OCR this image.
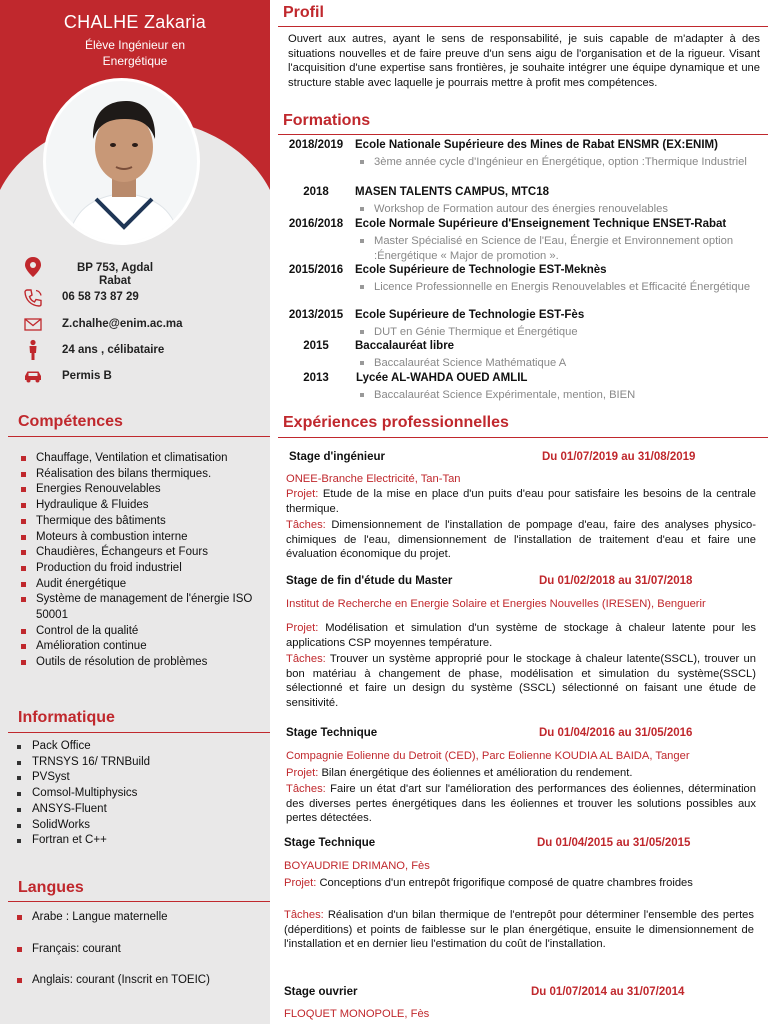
CHALHE Zakaria
Élève Ingénieur en Energétique
BP 753, Agdal Rabat
06 58 73 87 29
Z.chalhe@enim.ac.ma
24 ans , célibataire
Permis B
Compétences
Chauffage, Ventilation et climatisation
Réalisation des bilans thermiques.
Energies Renouvelables
Hydraulique & Fluides
Thermique des bâtiments
Moteurs à combustion interne
Chaudières, Échangeurs et Fours
Production du froid industriel
Audit énergétique
Système de management de l'énergie ISO 50001
Control de la qualité
Amélioration continue
Outils de résolution de problèmes
Informatique
Pack Office
TRNSYS 16/ TRNBuild
PVSyst
Comsol-Multiphysics
ANSYS-Fluent
SolidWorks
Fortran et C++
Langues
Arabe : Langue maternelle
Français: courant
Anglais: courant (Inscrit en TOEIC)
Profil
Ouvert aux autres, ayant le sens de responsabilité, je suis capable de m'adapter à des situations nouvelles et de faire preuve d'un sens aigu de l'organisation et de la rigueur. Visant l'acquisition d'une expertise sans frontières, je souhaite intégrer une équipe dynamique et une structure stable avec laquelle je pourrais mettre à profit mes compétences.
Formations
2018/2019	Ecole Nationale Supérieure des Mines de Rabat ENSMR (EX:ENIM)
3ème année cycle d'Ingénieur en Énergétique, option :Thermique Industriel
2018	MASEN TALENTS CAMPUS, MTC18
Workshop de Formation autour des énergies renouvelables
2016/2018	Ecole Normale Supérieure d'Enseignement Technique ENSET-Rabat
Master Spécialisé en Science de l'Eau, Énergie et Environnement option :Énergétique « Major de promotion ».
2015/2016	Ecole Supérieure de Technologie EST-Meknès
Licence Professionnelle en Energis Renouvelables et Efficacité Énergétique
2013/2015	Ecole Supérieure de Technologie EST-Fès
DUT en Génie Thermique et Énergétique
2015	Baccalauréat libre
Baccalauréat Science Mathématique A
2013	Lycée AL-WAHDA OUED AMLIL
Baccalauréat Science Expérimentale, mention, BIEN
Expériences professionnelles
Stage d'ingénieur	Du 01/07/2019 au 31/08/2019
ONEE-Branche Electricité, Tan-Tan
Projet: Etude de la mise en place d'un puits d'eau pour satisfaire les besoins de la centrale thermique.
Tâches: Dimensionnement de l'installation de pompage d'eau, faire des analyses physico-chimiques de l'eau, dimensionnement de l'installation de traitement d'eau et faire une évaluation économique du projet.
Stage de fin d'étude du Master	Du 01/02/2018 au 31/07/2018
Institut de Recherche en Energie Solaire et Energies Nouvelles (IRESEN), Benguerir
Projet: Modélisation et simulation d'un système de stockage à chaleur latente pour les applications CSP moyennes température.
Tâches: Trouver un système approprié pour le stockage à chaleur latente(SSCL), trouver un bon matériau à changement de phase, modélisation et simulation du système(SSCL) sélectionné et faire un design du système (SSCL) sélectionné on faisant une étude de sensitivité.
Stage Technique	Du 01/04/2016 au 31/05/2016
Compagnie Eolienne du Detroit (CED), Parc Eolienne KOUDIA AL BAIDA, Tanger
Projet: Bilan énergétique des éoliennes et amélioration du rendement.
Tâches: Faire un état d'art sur l'amélioration des performances des éoliennes, détermination des diverses pertes énergétiques dans les éoliennes et trouver les solutions possibles aux pertes détectées.
Stage Technique	Du 01/04/2015 au 31/05/2015
BOYAUDRIE DRIMANO, Fès
Projet: Conceptions d'un entrepôt frigorifique composé de quatre chambres froides
Tâches: Réalisation d'un bilan thermique de l'entrepôt pour déterminer l'ensemble des pertes (déperditions) et points de faiblesse sur le plan énergétique, ensuite le dimensionnement de l'installation et en dernier lieu l'estimation du coût de l'installation.
Stage ouvrier	Du 01/07/2014 au 31/07/2014
FLOQUET MONOPOLE, Fès
